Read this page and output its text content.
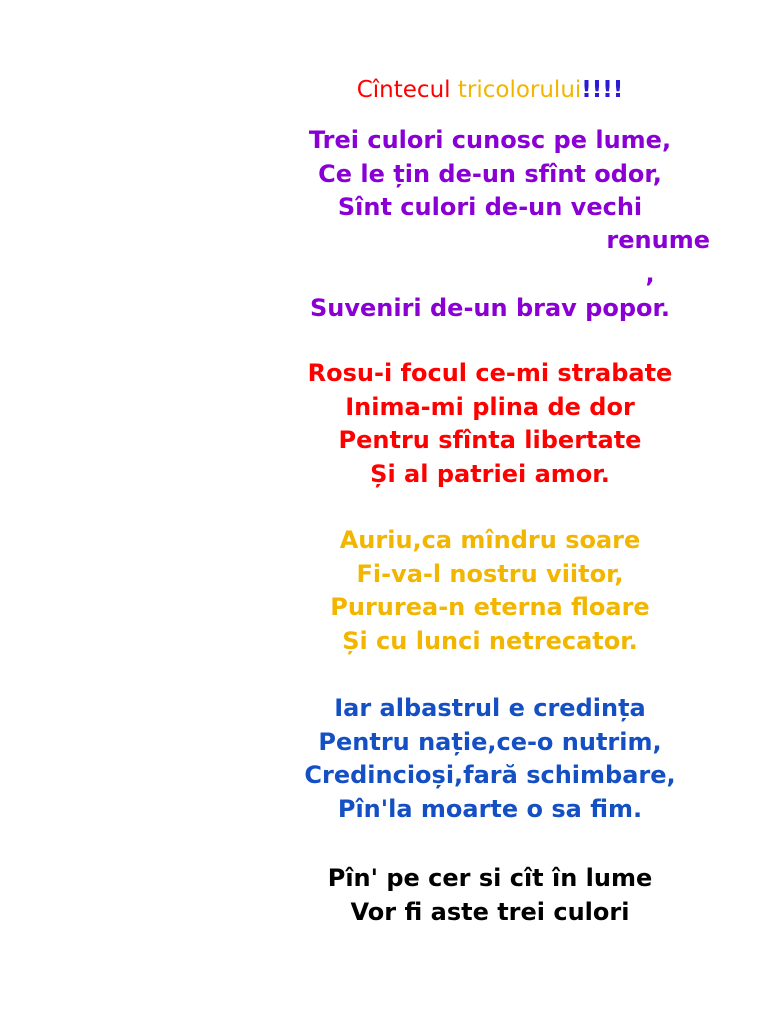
Cîntecul tricolorului!!!!
Trei culori cunosc pe lume,
Ce le țin de-un sfînt odor,
Sînt culori de-un vechi
Suveniri de-un brav popor.
renume
,
Rosu-i focul ce-mi strabate
Inima-mi plina de dor
Pentru sfînta libertate
Și al patriei amor.
Auriu,ca mîndru soare
Fi-va-l nostru viitor,
Pururea-n eterna floare
Și cu lunci netrecator.
Iar albastrul e credința
Pentru nație,ce-o nutrim,
Credincioși,fară schimbare,
Pîn'la moarte o sa fim.
Pîn' pe cer si cît în lume
Vor fi aste trei culori
